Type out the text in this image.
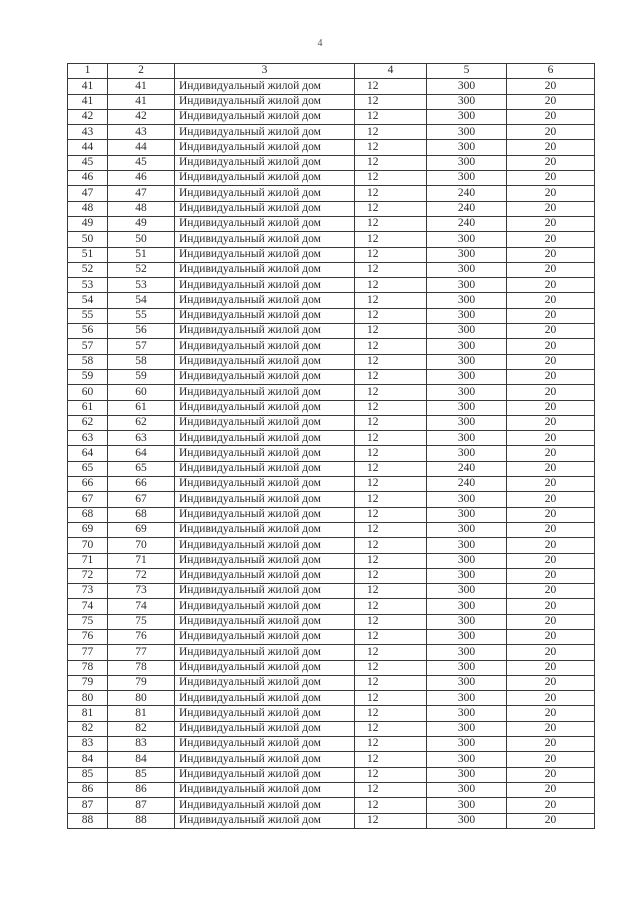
4
1	2	3	4	5	6
41	41	Индивидуальный жилой дом	12	300	20
41	41	Индивидуальный жилой дом	12	300	20
42	42	Индивидуальный жилой дом	12	300	20
43	43	Индивидуальный жилой дом	12	300	20
44	44	Индивидуальный жилой дом	12	300	20
45	45	Индивидуальный жилой дом	12	300	20
46	46	Индивидуальный жилой дом	12	300	20
47	47	Индивидуальный жилой дом	12	240	20
48	48	Индивидуальный жилой дом	12	240	20
49	49	Индивидуальный жилой дом	12	240	20
50	50	Индивидуальный жилой дом	12	300	20
51	51	Индивидуальный жилой дом	12	300	20
52	52	Индивидуальный жилой дом	12	300	20
53	53	Индивидуальный жилой дом	12	300	20
54	54	Индивидуальный жилой дом	12	300	20
55	55	Индивидуальный жилой дом	12	300	20
56	56	Индивидуальный жилой дом	12	300	20
57	57	Индивидуальный жилой дом	12	300	20
58	58	Индивидуальный жилой дом	12	300	20
59	59	Индивидуальный жилой дом	12	300	20
60	60	Индивидуальный жилой дом	12	300	20
61	61	Индивидуальный жилой дом	12	300	20
62	62	Индивидуальный жилой дом	12	300	20
63	63	Индивидуальный жилой дом	12	300	20
64	64	Индивидуальный жилой дом	12	300	20
65	65	Индивидуальный жилой дом	12	240	20
66	66	Индивидуальный жилой дом	12	240	20
67	67	Индивидуальный жилой дом	12	300	20
68	68	Индивидуальный жилой дом	12	300	20
69	69	Индивидуальный жилой дом	12	300	20
70	70	Индивидуальный жилой дом	12	300	20
71	71	Индивидуальный жилой дом	12	300	20
72	72	Индивидуальный жилой дом	12	300	20
73	73	Индивидуальный жилой дом	12	300	20
74	74	Индивидуальный жилой дом	12	300	20
75	75	Индивидуальный жилой дом	12	300	20
76	76	Индивидуальный жилой дом	12	300	20
77	77	Индивидуальный жилой дом	12	300	20
78	78	Индивидуальный жилой дом	12	300	20
79	79	Индивидуальный жилой дом	12	300	20
80	80	Индивидуальный жилой дом	12	300	20
81	81	Индивидуальный жилой дом	12	300	20
82	82	Индивидуальный жилой дом	12	300	20
83	83	Индивидуальный жилой дом	12	300	20
84	84	Индивидуальный жилой дом	12	300	20
85	85	Индивидуальный жилой дом	12	300	20
86	86	Индивидуальный жилой дом	12	300	20
87	87	Индивидуальный жилой дом	12	300	20
88	88	Индивидуальный жилой дом	12	300	20
